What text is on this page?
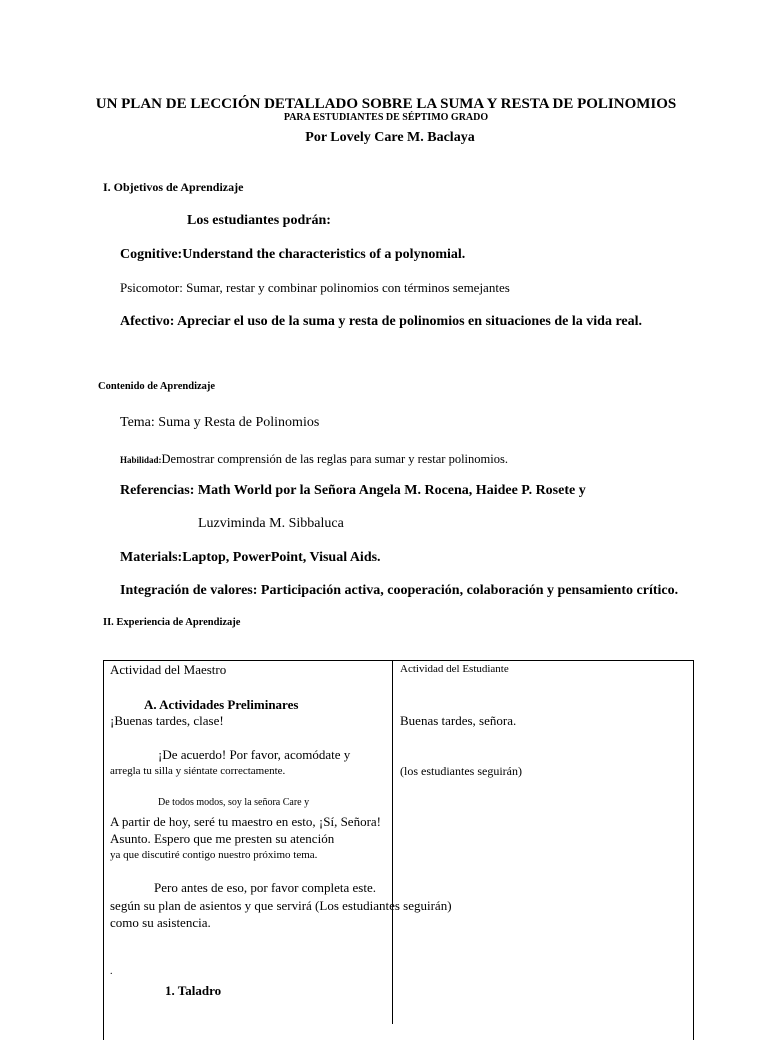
UN PLAN DE LECCIÓN DETALLADO SOBRE LA SUMA Y RESTA DE POLINOMIOS
PARA ESTUDIANTES DE SÉPTIMO GRADO
Por Lovely Care M. Baclaya
I. Objetivos de Aprendizaje
Los estudiantes podrán:
Cognitive:Understand the characteristics of a polynomial.
Psicomotor: Sumar, restar y combinar polinomios con términos semejantes
Afectivo: Apreciar el uso de la suma y resta de polinomios en situaciones de la vida real.
Contenido de Aprendizaje
Tema: Suma y Resta de Polinomios
Habilidad:Demostrar comprensión de las reglas para sumar y restar polinomios.
Referencias: Math World por la Señora Angela M. Rocena, Haidee P. Rosete y
Luzviminda M. Sibbaluca
Materials:Laptop, PowerPoint, Visual Aids.
Integración de valores: Participación activa, cooperación, colaboración y pensamiento crítico.
II. Experiencia de Aprendizaje
Actividad del Maestro	Actividad del Estudiante
A. Actividades Preliminares
¡Buenas tardes, clase!	Buenas tardes, señora.
¡De acuerdo! Por favor, acomódate y
arregla tu silla y siéntate correctamente.	(los estudiantes seguirán)
De todos modos, soy la señora Care y
A partir de hoy, seré tu maestro en esto, ¡Sí, Señora!
Asunto. Espero que me presten su atención
ya que discutiré contigo nuestro próximo tema.
Pero antes de eso, por favor completa este.
según su plan de asientos y que servirá (Los estudiantes seguirán)
como su asistencia.
.
1. Taladro
